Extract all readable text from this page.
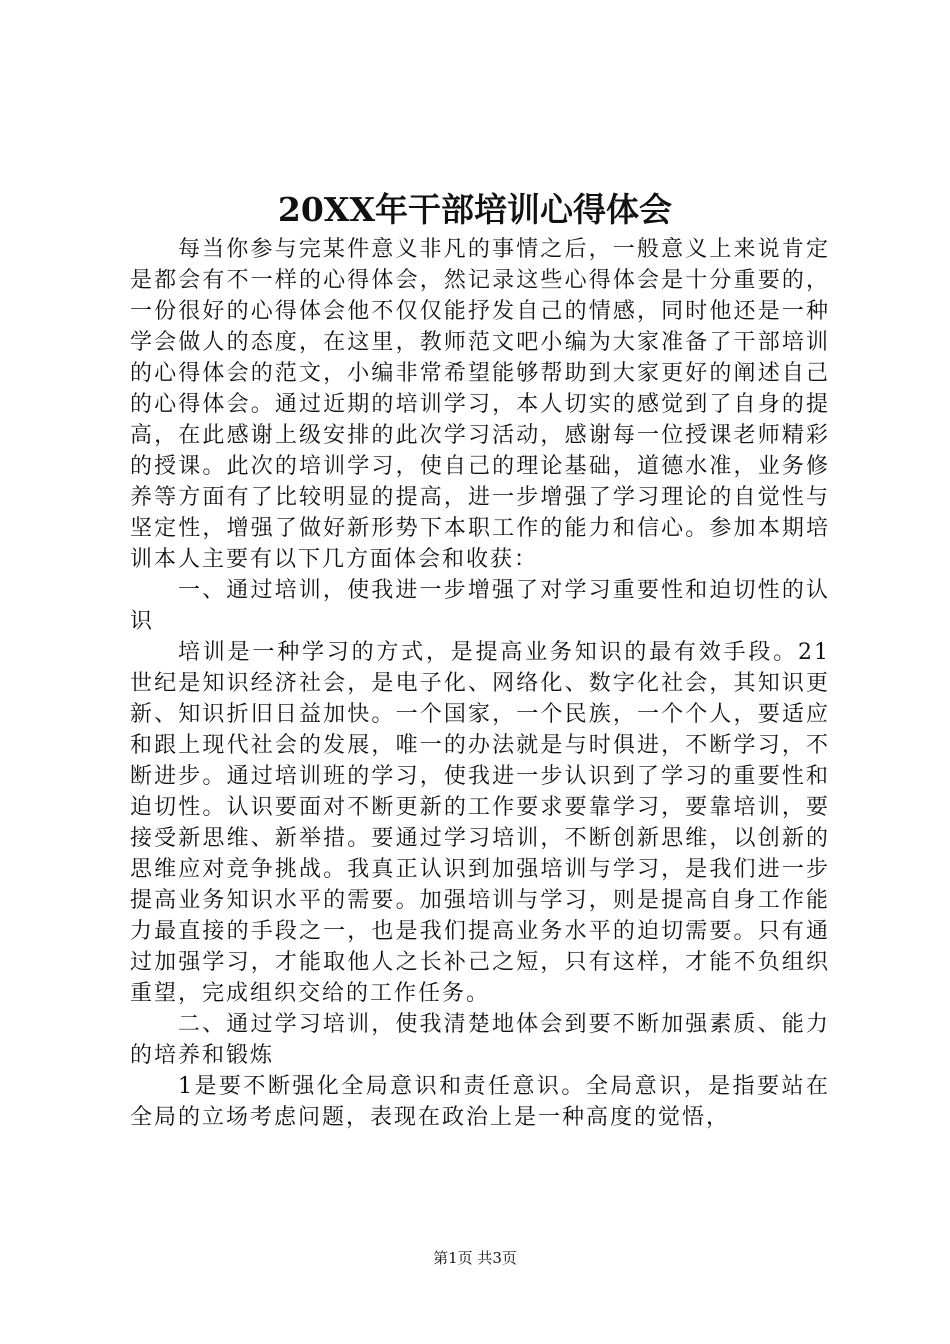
20XX年干部培训心得体会

每当你参与完某件意义非凡的事情之后，一般意义上来说肯定是都会有不一样的心得体会，然记录这些心得体会是十分重要的，一份很好的心得体会他不仅仅能抒发自己的情感，同时他还是一种学会做人的态度，在这里，教师范文吧小编为大家准备了干部培训的心得体会的范文，小编非常希望能够帮助到大家更好的阐述自己的心得体会。通过近期的培训学习，本人切实的感觉到了自身的提高，在此感谢上级安排的此次学习活动，感谢每一位授课老师精彩的授课。此次的培训学习，使自己的理论基础，道德水准，业务修养等方面有了比较明显的提高，进一步增强了学习理论的自觉性与坚定性，增强了做好新形势下本职工作的能力和信心。参加本期培训本人主要有以下几方面体会和收获：

一、通过培训，使我进一步增强了对学习重要性和迫切性的认识

培训是一种学习的方式，是提高业务知识的最有效手段。21世纪是知识经济社会，是电子化、网络化、数字化社会，其知识更新、知识折旧日益加快。一个国家，一个民族，一个个人，要适应和跟上现代社会的发展，唯一的办法就是与时俱进，不断学习，不断进步。通过培训班的学习，使我进一步认识到了学习的重要性和迫切性。认识要面对不断更新的工作要求要靠学习，要靠培训，要接受新思维、新举措。要通过学习培训，不断创新思维，以创新的思维应对竞争挑战。我真正认识到加强培训与学习，是我们进一步提高业务知识水平的需要。加强培训与学习，则是提高自身工作能力最直接的手段之一，也是我们提高业务水平的迫切需要。只有通过加强学习，才能取他人之长补己之短，只有这样，才能不负组织重望，完成组织交给的工作任务。

二、通过学习培训，使我清楚地体会到要不断加强素质、能力的培养和锻炼

1是要不断强化全局意识和责任意识。全局意识，是指要站在全局的立场考虑问题，表现在政治上是一种高度的觉悟，

第1页 共3页
